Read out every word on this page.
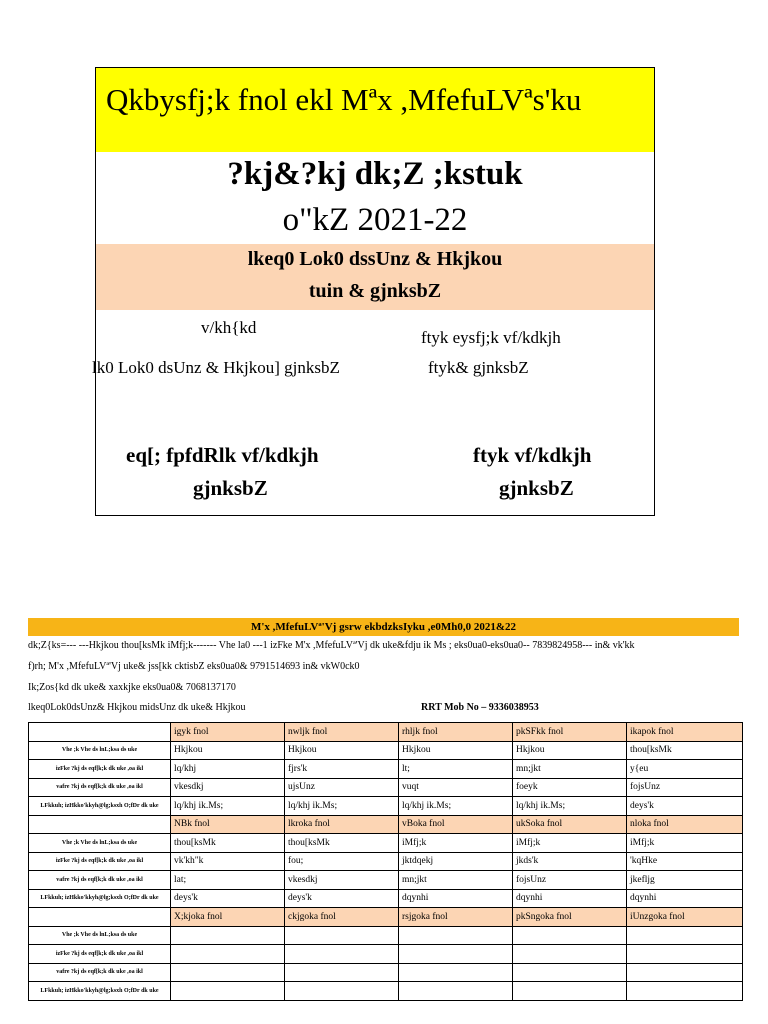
Qkbysfj;k fnol ekl Mªx ,MfefuLVªs'ku
?kj&?kj dk;Z ;kstuk
o"kZ 2021-22
lkeq0 Lok0 dssUnz & Hkjkou
tuin & gjnksbZ
v/kh{kd
ftyk eysfj;k vf/kdkjh
lk0 Lok0 dsUnz & Hkjkou] gjnksbZ	ftyk& gjnksbZ
eq[; fpfdRlk vf/kdkjh
gjnksbZ
ftyk vf/kdkjh
gjnksbZ
M'x ,MfefuLVª'Vj gsrw ekbdzksIyku ,e0Mh0,0 2021&22
dk;Z{ks=--- ---Hkjkou thou[ksMk iMfj;k------- Vhe la0 ---1 izFke M'x ,MfefuLVª'Vj dk uke&fdju ik Ms ; eks0ua0-eks0ua0-- 7839824958--- in& vk'kk
f)rh; M'x ,MfefuLVª'Vj uke& jss[kk cktisbZ eks0ua0& 9791514693 in& vkW0ck0
Ik;Zos{kd dk uke& xaxkjke eks0ua0& 7068137170
lkeq0Lok0dsUnz& Hkjkou midsUnz dk uke& Hkjkou	RRT Mob No – 9336038953
	igyk fnol	nwljk fnol	rhljk fnol	pkSFkk fnol	ikapok fnol
Vhe ;k Vhe ds lnL;ksa ds uke	Hkjkou	Hkjkou	Hkjkou	Hkjkou	thou[ksMk
izFke ?kj ds eqf[k;k dk uke ,oa ikl	lq/khj	fjrs'k	lt;	mn;jkt	y{eu
vafre ?kj ds eqf[k;k dk uke ,oa ikl	vkesdkj	ujsUnz	vuqt	foeyk	fojsUnz
LFkkuh; izHkko'kkyh@lg;ksxh O;fDr dk uke	lq/khj ik.Ms;	lq/khj ik.Ms;	lq/khj ik.Ms;	lq/khj ik.Ms;	deys'k
	NBk fnol	lkroka fnol	vBoka fnol	ukSoka fnol	nloka fnol
Vhe ;k Vhe ds lnL;ksa ds uke	thou[ksMk	thou[ksMk	iMfj;k	iMfj;k	iMfj;k
izFke ?kj ds eqf[k;k dk uke ,oa ikl	vk'kh"k	fou;	jktdqekj	jkds'k	'kqHke
vafre ?kj ds eqf[k;k dk uke ,oa ikl	lat;	vkesdkj	mn;jkt	fojsUnz	jkefljg
LFkkuh; izHkko'kkyh@lg;ksxh O;fDr dk uke	deys'k	deys'k	dqynhi	dqynhi	dqynhi
	X;kjoka fnol	ckjgoka fnol	rsjgoka fnol	pkSngoka fnol	iUnzgoka fnol
Vhe ;k Vhe ds lnL;ksa ds uke					
izFke ?kj ds eqf[k;k dk uke ,oa ikl					
vafre ?kj ds eqf[k;k dk uke ,oa ikl					
LFkkuh; izHkko'kkyh@lg;ksxh O;fDr dk uke					
